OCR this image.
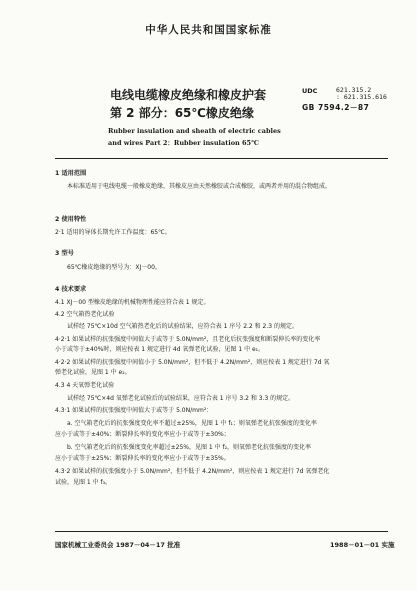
中华人民共和国国家标准
电线电缆橡皮绝缘和橡皮护套
第 2 部分：65℃橡皮绝缘
Rubber insulation and sheath of electric cables
and wires Part 2：Rubber insulation 65℃
UDC	621.315.2
: 621.315.616
GB 7594.2－87
1 适用范围
本标准适用于电线电缆一般橡皮绝缘，其橡皮应由天然橡胶或合成橡胶，或两者并用的混合物组成。
2 使用特性
2·1 适用的导体长期允许工作温度：65℃。
3 型号
65℃橡皮绝缘的型号为：XJ－00。
4 技术要求
4.1 XJ－00 型橡皮绝缘的机械物理性能应符合表 1 规定。
4.2 空气箱热老化试验
试样经 75℃×10d 空气箱热老化后的试验结果，应符合表 1 序号 2.2 和 2.3 的规定。
4·2·1 如果试样的抗张强度中间值大于或等于 5.0N/mm²，且老化后抗张强度和断裂伸长率的变化率
小于或等于±40%时，则应按表 1 规定进行 4d 氧弹老化试验，见图 1 中 e₁。
4·2·2 如果试样的抗张强度中间值小于 5.0N/mm²，但不低于 4.2N/mm²，则应按表 1 规定进行 7d 氧
弹老化试验，见图 1 中 e₂。
4.3 4 天氧弹老化试验
试样经 75℃×4d 氧弹老化试验后的试验结果，应符合表 1 序号 3.2 和 3.3 的规定。
4.3·1 如果试样的抗张强度中间值大于或等于 5.0N/mm²：
a. 空气箱老化后的抗张强度变化率不超过±25%，见图 1 中 f₁；则氧弹老化抗张强度的变化率
应小于或等于±40%；断裂伸长率的变化率应小于或等于±30%；
b. 空气箱老化后的抗张强度变化率超过±25%，见图 1 中 f₂，则氧弹老化抗张强度的变化率
应小于或等于±25%；断裂伸长率的变化率应小于或等于±35%。
4.3·2 如果试样的抗张强度小于 5.0N/mm²，但不低于 4.2N/mm²，则应按表 1 规定进行 7d 氧弹老化
试验，见图 1 中 f₃。
国家机械工业委员会 1987－04－17 批准	1988－01－01 实施
